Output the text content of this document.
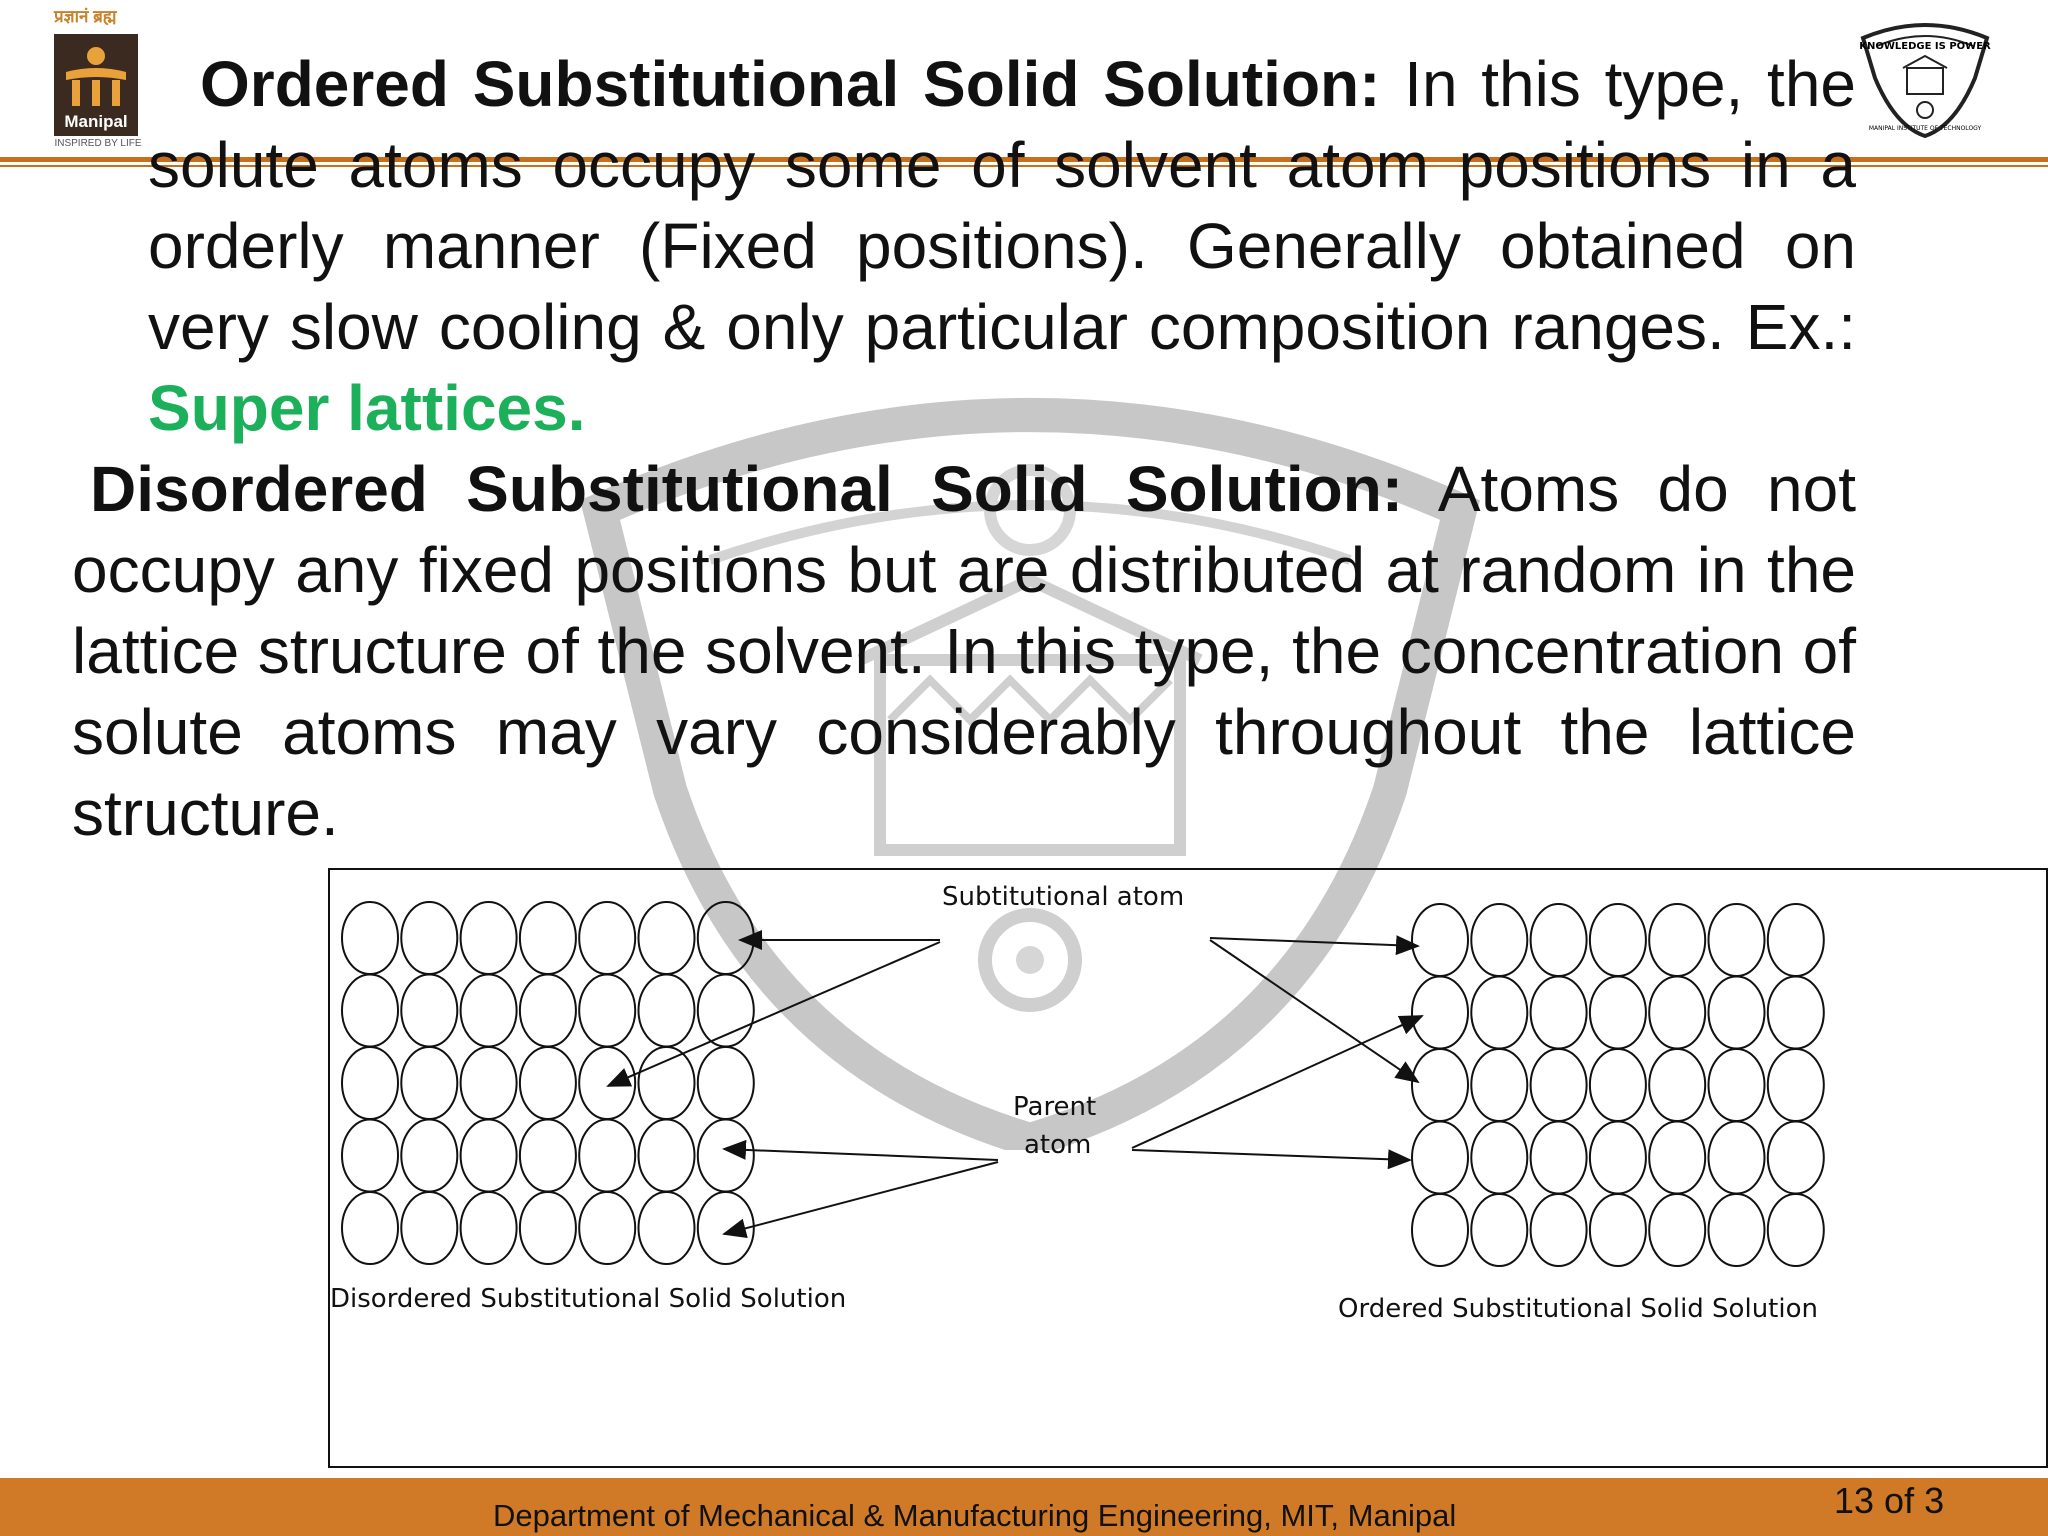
प्रज्ञानं ब्रह्म
Manipal
INSPIRED BY LIFE
KNOWLEDGE IS POWER
MANIPAL INSTITUTE OF TECHNOLOGY
Ordered Substitutional Solid Solution: In this type, the solute atoms occupy some of solvent atom positions in a orderly manner (Fixed positions). Generally obtained on very slow cooling & only particular composition ranges. Ex.: Super lattices.
Disordered Substitutional Solid Solution: Atoms do not occupy any fixed positions but are distributed at random in the lattice structure of the solvent. In this type, the concentration of solute atoms may vary considerably throughout the lattice structure.
Subtitutional atom
Parent
atom
Disordered Substitutional Solid Solution	Ordered Substitutional Solid Solution
Department of Mechanical & Manufacturing Engineering, MIT, Manipal	13 of 3
